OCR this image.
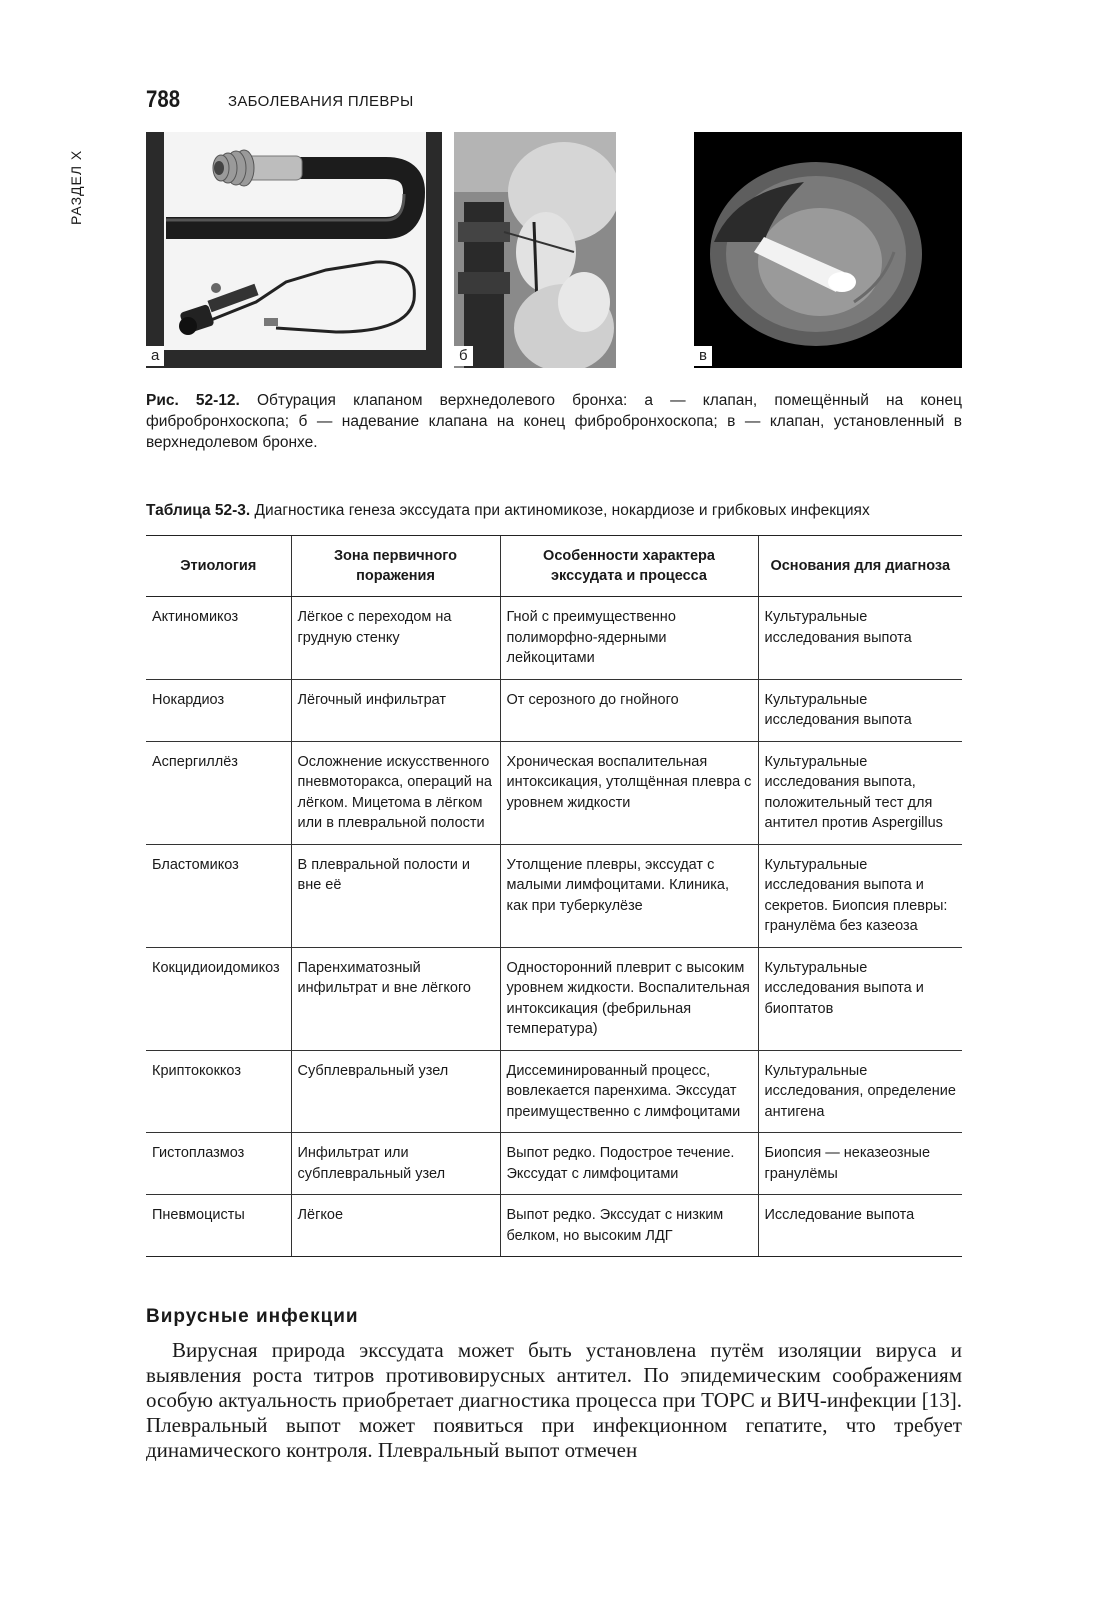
РАЗДЕЛ X
788	ЗАБОЛЕВАНИЯ ПЛЕВРЫ
а	б	в
Рис. 52-12. Обтурация клапаном верхнедолевого бронха: а — клапан, помещённый на конец фибробронхоскопа; б — надевание клапана на конец фибробронхоскопа; в — клапан, установленный в верхнедолевом бронхе.
Таблица 52-3. Диагностика генеза экссудата при актиномикозе, нокардиозе и грибковых инфекциях
Этиология	Зона первичного поражения	Особенности характера экссудата и процесса	Основания для диагноза
Актиномикоз	Лёгкое с переходом на грудную стенку	Гной с преимущественно полиморфно-ядерными лейкоцитами	Культуральные исследования выпота
Нокардиоз	Лёгочный инфильтрат	От серозного до гнойного	Культуральные исследования выпота
Аспергиллёз	Осложнение искусственного пневмоторакса, операций на лёгком. Мицетома в лёгком или в плевральной полости	Хроническая воспалительная интоксикация, утолщённая плевра с уровнем жидкости	Культуральные исследования выпота, положительный тест для антител против Aspergillus
Бластомикоз	В плевральной полости и вне её	Утолщение плевры, экссудат с малыми лимфоцитами. Клиника, как при туберкулёзе	Культуральные исследования выпота и секретов. Биопсия плевры: гранулёма без казеоза
Кокцидиоидомикоз	Паренхиматозный инфильтрат и вне лёгкого	Односторонний плеврит с высоким уровнем жидкости. Воспалительная интоксикация (фебрильная температура)	Культуральные исследования выпота и биоптатов
Криптококкоз	Субплевральный узел	Диссеминированный процесс, вовлекается паренхима. Экссудат преимущественно с лимфоцитами	Культуральные исследования, определение антигена
Гистоплазмоз	Инфильтрат или субплевральный узел	Выпот редко. Подострое течение. Экссудат с лимфоцитами	Биопсия — неказеозные гранулёмы
Пневмоцисты	Лёгкое	Выпот редко. Экссудат с низким белком, но высоким ЛДГ	Исследование выпота
Вирусные инфекции
Вирусная природа экссудата может быть установлена путём изоляции вируса и выявления роста титров противовирусных антител. По эпидемическим соображениям особую актуальность приобретает диагностика процесса при ТОРС и ВИЧ-инфекции [13]. Плевральный выпот может появиться при инфекционном гепатите, что требует динамического контроля. Плевральный выпот отмечен
